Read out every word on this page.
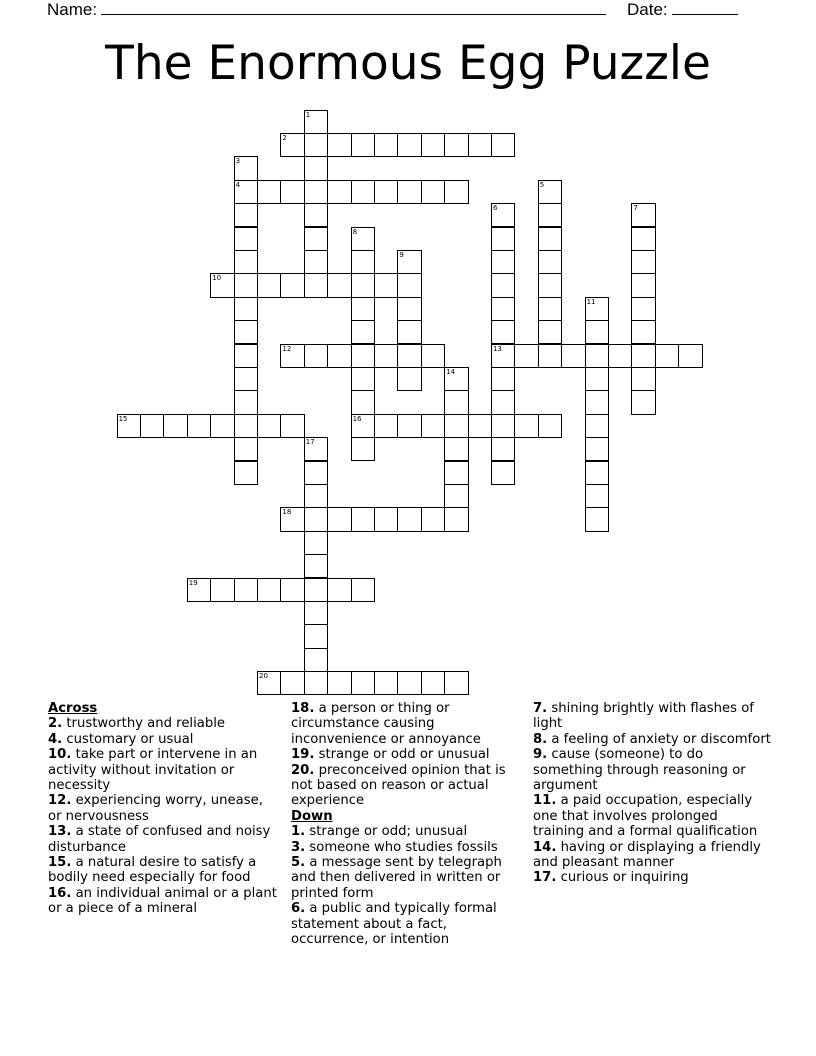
Name:	Date:
The Enormous Egg Puzzle
1
2
3
4	5
6	7
8
9
10
11
12	13
14
15	16
17
18
19
20
Across
2. trustworthy and reliable
4. customary or usual
10. take part or intervene in an activity without invitation or necessity
12. experiencing worry, unease, or nervousness
13. a state of confused and noisy disturbance
15. a natural desire to satisfy a bodily need especially for food
16. an individual animal or a plant or a piece of a mineral
18. a person or thing or circumstance causing inconvenience or annoyance
19. strange or odd or unusual
20. preconceived opinion that is not based on reason or actual experience
Down
1. strange or odd; unusual
3. someone who studies fossils
5. a message sent by telegraph and then delivered in written or printed form
6. a public and typically formal statement about a fact, occurrence, or intention
7. shining brightly with flashes of light
8. a feeling of anxiety or discomfort
9. cause (someone) to do something through reasoning or argument
11. a paid occupation, especially one that involves prolonged training and a formal qualification
14. having or displaying a friendly and pleasant manner
17. curious or inquiring
